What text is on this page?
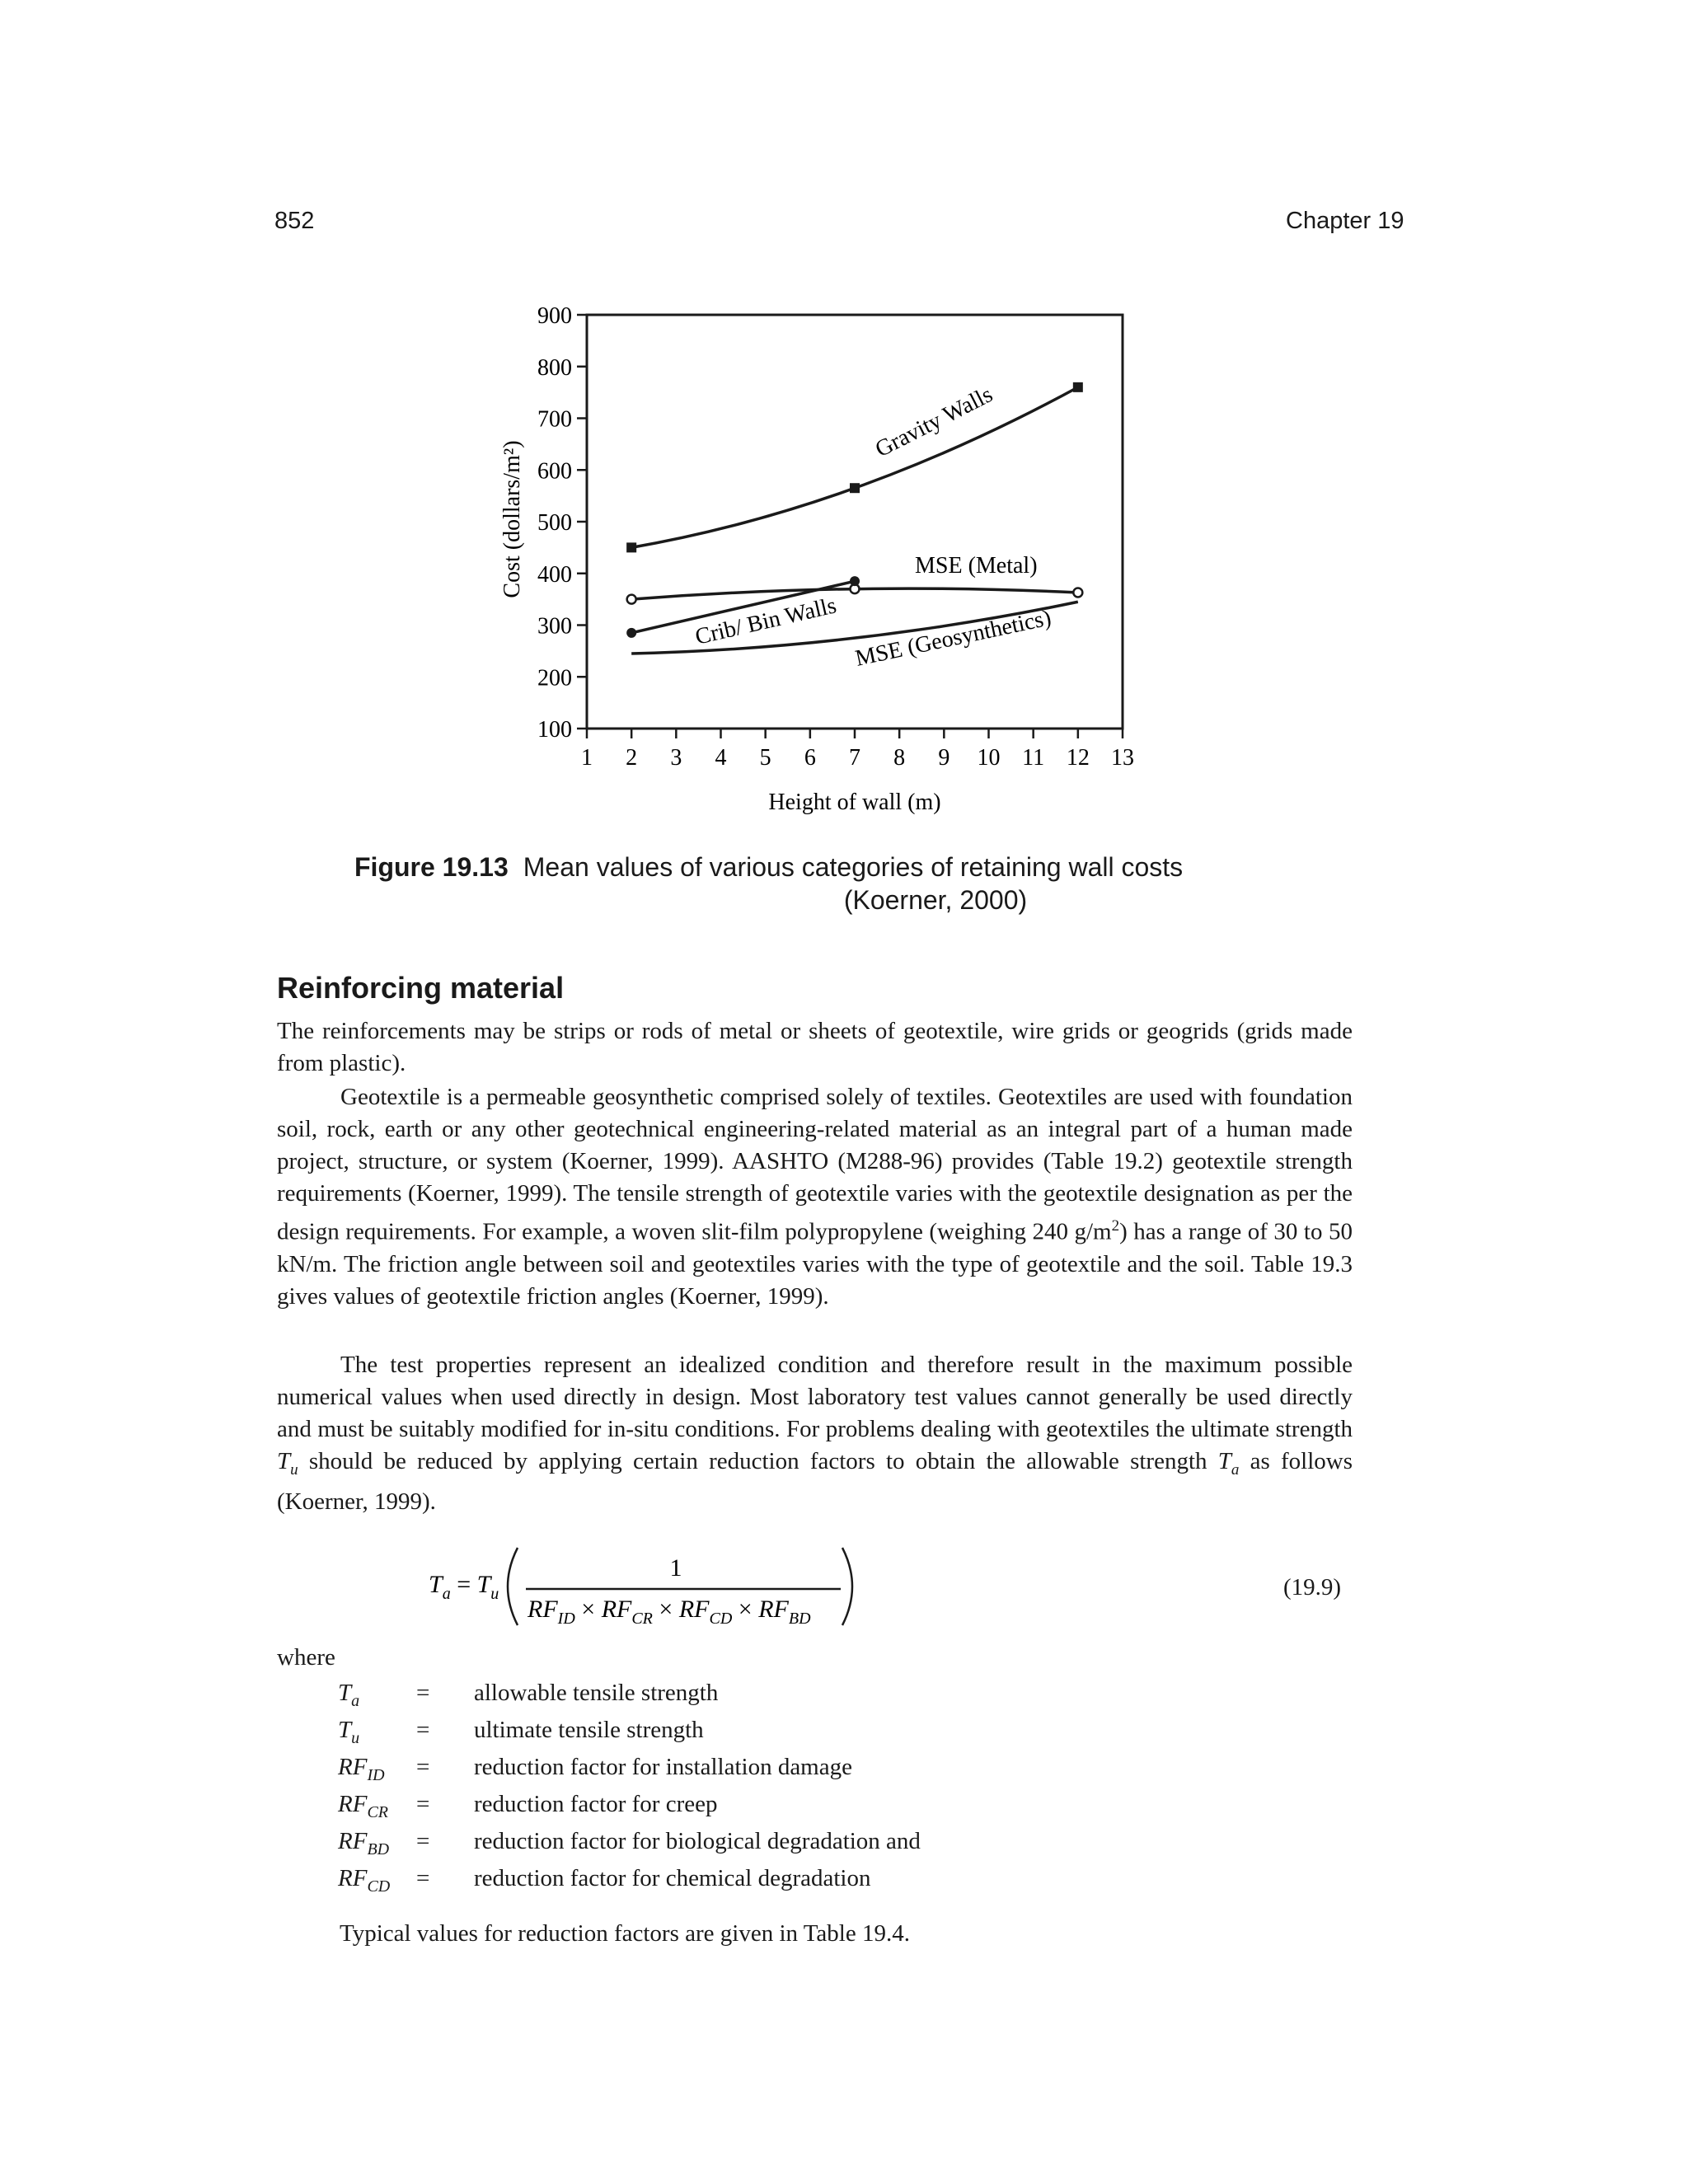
852	Chapter 19
100
200
300
400
500
600
700
800
900
1 2 3 4 5 6 7 8 9 10 11 12 13
Gravity Walls
MSE (Metal)
Crib/ Bin Walls MSE (Geosynthetics)
Cost (dollars/m²)
Height of wall (m)
Figure 19.13 Mean values of various categories of retaining wall costs
(Koerner, 2000)
Reinforcing material
The reinforcements may be strips or rods of metal or sheets of geotextile, wire grids or geogrids (grids made from plastic).
Geotextile is a permeable geosynthetic comprised solely of textiles. Geotextiles are used with foundation soil, rock, earth or any other geotechnical engineering-related material as an integral part of a human made project, structure, or system (Koerner, 1999). AASHTO (M288-96) provides (Table 19.2) geotextile strength requirements (Koerner, 1999). The tensile strength of geotextile varies with the geotextile designation as per the design requirements. For example, a woven slit-film polypropylene (weighing 240 $g/m^2$) has a range of 30 to 50 kN/m. The friction angle between soil and geotextiles varies with the type of geotextile and the soil. Table 19.3 gives values of geotextile friction angles (Koerner, 1999).
The test properties represent an idealized condition and therefore result in the maximum possible numerical values when used directly in design. Most laboratory test values cannot generally be used directly and must be suitably modified for in-situ conditions. For problems dealing with geotextiles the ultimate strength $T_u$ should be reduced by applying certain reduction factors to obtain the allowable strength $T_a$ as follows (Koerner, 1999).
$T_a = T_u$
1
$RF_{ID} \times RF_{CR} \times RF_{CD} \times RF_{BD}$
(19.9)
where
$T_a$ = allowable tensile strength
$T_u$ = ultimate tensile strength
$RF_{ID}$ = reduction factor for installation damage
$RF_{CR}$ = reduction factor for creep
$RF_{BD}$ = reduction factor for biological degradation and
$RF_{CD}$ = reduction factor for chemical degradation
Typical values for reduction factors are given in Table 19.4.
